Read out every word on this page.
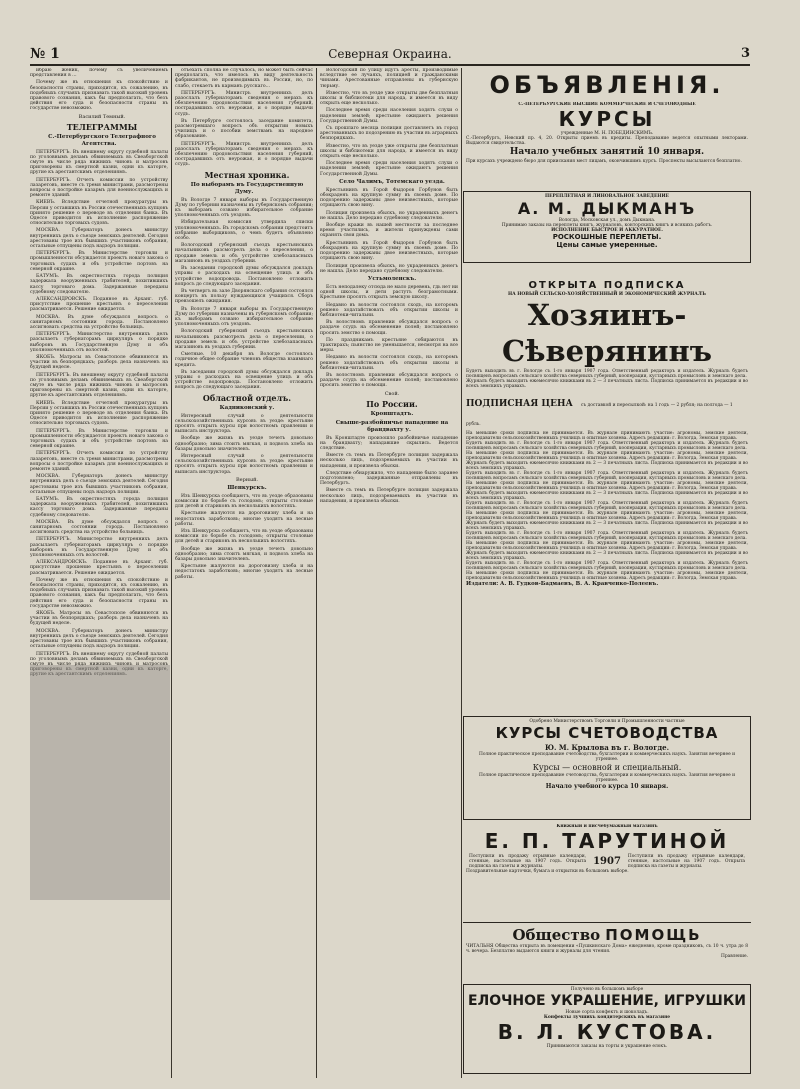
№ 1	Северная Окраина.	3

ибраю женик, почему съ увеличениемъ представления в ...

Почему же въ отношения къ спокойствию и безопасности страны, приходится, къ сожалению, въ подобныхъ случаяхъ признавать такой высокий уровень правового сознания, какъ бы предполагать, что безъ действия его суда и безопасности страны въ государстве невозможно.

Василий Темный.

ТЕЛЕГРАММЫ

С.-Петербургского Телеграфного Агентства.

ПЕТЕРБУРГЪ. Въ внешнему округу судебной палаты по уголовнымъ деламъ обвиняемыхъ въ Свеаборгской смуте въ числе ряда нижнихъ чиновъ и матросовъ приговорены къ смертной казни, одни къ каторге, другие къ арестантскимъ отделениямъ.

ПЕТЕРБУРГЪ. Отчетъ комиссии по устройству лазаретовъ, вместе съ тремя министрами, разсмотрены вопросы о постройке казармъ для военнослужащихъ и ремонте зданий.

КИЕВЪ. Вследствие отчетной прокуратуры въ Персии у оставшихъ въ России отечественныхъ купцовъ принято решение о переводе въ отделения банка. Въ Одессе приводится въ исполнение распоряжение относительно торговыхъ судовъ.

МОСКВА. Губернаторъ донесъ министру внутреннихъ делъ о съезде земскихъ деятелей. Сегодня арестованы трое изъ бывшихъ участниковъ собрания, остальные отпущены подъ надзоръ полиции.

ПЕТЕРБУРГЪ. Въ Министерстве торговли и промышленности обсуждается проектъ новаго закона о торговыхъ судахъ и объ устройстве портовъ на северной окраине.

БАТУМЪ. Въ окрестностяхъ города полиция задержала вооруженныхъ грабителей, похитившихъ кассу торговаго дома. Задержанные переданы судебному следователю.

АЛЕКСАНДРОВСКЪ. Поданное въ Арханг. губ. присутствие прошение крестьянъ о переселении разсматривается. Решение ожидается.

МОСКВА. Въ думе обсуждался вопросъ о санитарномъ состоянии города. Постановлено ассигновать средства на устройство больницъ.

ПЕТЕРБУРГЪ. Министерство внутреннихъ делъ разсылаетъ губернаторамъ циркуляръ о порядке выборовъ въ Государственную Думу и объ уполномоченныхъ отъ волостей.

ЯКОБЪ. Матросы въ Севастополе обвиняются въ участии въ безпорядкахъ; разборъ дела назначенъ на будущей неделе.

ПЕТЕРБУРГЪ. Въ внешнему округу судебной палаты по уголовнымъ деламъ обвиняемыхъ въ Свеаборгской смуте въ числе ряда нижнихъ чиновъ и матросовъ приговорены къ смертной казни, одни къ каторге, другие къ арестантскимъ отделениямъ.

КИЕВЪ. Вследствие отчетной прокуратуры въ Персии у оставшихъ въ России отечественныхъ купцовъ принято решение о переводе въ отделения банка. Въ Одессе приводится въ исполнение распоряжение относительно торговыхъ судовъ.

ПЕТЕРБУРГЪ. Въ Министерстве торговли и промышленности обсуждается проектъ новаго закона о торговыхъ судахъ и объ устройстве портовъ на северной окраине.

ПЕТЕРБУРГЪ. Отчетъ комиссии по устройству лазаретовъ, вместе съ тремя министрами, разсмотрены вопросы о постройке казармъ для военнослужащихъ и ремонте зданий.

МОСКВА. Губернаторъ донесъ министру внутреннихъ делъ о съезде земскихъ деятелей. Сегодня арестованы трое изъ бывшихъ участниковъ собрания, остальные отпущены подъ надзоръ полиции.

БАТУМЪ. Въ окрестностяхъ города полиция задержала вооруженныхъ грабителей, похитившихъ кассу торговаго дома. Задержанные переданы судебному следователю.

МОСКВА. Въ думе обсуждался вопросъ о санитарномъ состоянии города. Постановлено ассигновать средства на устройство больницъ.

ПЕТЕРБУРГЪ. Министерство внутреннихъ делъ разсылаетъ губернаторамъ циркуляръ о порядке выборовъ въ Государственную Думу и объ уполномоченныхъ отъ волостей.

АЛЕКСАНДРОВСКЪ. Поданное въ Арханг. губ. присутствие прошение крестьянъ о переселении разсматривается. Решение ожидается.

Почему же въ отношения къ спокойствию и безопасности страны, приходится, къ сожалению, въ подобныхъ случаяхъ признавать такой высокий уровень правового сознания, какъ бы предполагать, что безъ действия его суда и безопасности страны въ государстве невозможно.

ЯКОБЪ. Матросы въ Севастополе обвиняются въ участии въ безпорядкахъ; разборъ дела назначенъ на будущей неделе.

МОСКВА. Губернаторъ донесъ министру внутреннихъ делъ о съезде земскихъ деятелей. Сегодня арестованы трое изъ бывшихъ участниковъ собрания, остальные отпущены подъ надзоръ полиции.

ПЕТЕРБУРГЪ. Въ внешнему округу судебной палаты по уголовнымъ деламъ обвиняемыхъ въ Свеаборгской смуте въ числе ряда нижнихъ чиновъ и матросовъ приговорены къ смертной казни, одни къ каторге, другие къ арестантскимъ отделениямъ.

отъехать сполна не случалось, но может быть сейчас предполагать, что имелось въ виду деятельность фабрикантов, не производимыхъ въ России, но, по слабо, стекаетъ въ карманъ русскаго...

ПЕТЕРБУРГЪ. Министръ внутреннихъ делъ разослалъ губернаторамъ сведения о мерахъ къ обезпечению продовольствия населения губерний, пострадавшихъ отъ неурожая, и о порядке выдачи ссудъ.

Въ Петербурге состоялось заседание комитета, разсмотревшаго вопросъ объ открытии новыхъ училищъ и о пособии земствамъ на народное образование.

ПЕТЕРБУРГЪ. Министръ внутреннихъ делъ разослалъ губернаторамъ сведения о мерахъ къ обезпечению продовольствия населения губерний, пострадавшихъ отъ неурожая, и о порядке выдачи ссудъ.

Местная хроника.

По выборамъ въ Государственную Думу.

Въ Вологде 7 января выборы въ Государственную Думу по губернии назначены въ губернскомъ собрании; къ выборамъ созвано избирательное собрание уполномоченныхъ отъ уездовъ.

Избирательная комиссия утвердила списки уполномоченныхъ. Въ городскомъ собрании предстоитъ избрание выборщиковъ, о чемъ будетъ объявлено особо.

Вологодский губернский съездъ крестьянскихъ начальниковъ разсмотрелъ дела о переселении, о продаже земель и объ устройстве хлебозапасныхъ магазиновъ въ уездахъ губернии.

Въ заседании городской думы обсуждался докладъ управы о расходахъ на освещение улицъ и объ устройстве водопровода. Постановлено отложить вопросъ до следующаго заседания.

Въ четвергъ въ зале Дворянскаго собрания состоялся концертъ въ пользу нуждающихся учащихся. Сборъ превзошелъ ожидания.

Въ Вологде 7 января выборы въ Государственную Думу по губернии назначены въ губернскомъ собрании; къ выборамъ созвано избирательное собрание уполномоченныхъ отъ уездовъ.

Вологодский губернский съездъ крестьянскихъ начальниковъ разсмотрелъ дела о переселении, о продаже земель и объ устройстве хлебозапасныхъ магазиновъ въ уездахъ губернии.

Сметные. 10 декабря въ Вологде состоялось годичное общее собрание членовъ общества взаимнаго кредита.

Въ заседании городской думы обсуждался докладъ управы о расходахъ на освещение улицъ и объ устройстве водопровода. Постановлено отложить вопросъ до следующаго заседания.

Областной отделъ.

Кадниковский у.

Интересный случай о деятельности сельскохозяйственныхъ курсовъ въ уезде: крестьяне просятъ открыть курсы при волостномъ правлении и выписать инструктора.

Вообще же жизнь въ уезде течетъ довольно однообразно; зима стоитъ мягкая, и подвозъ хлеба на базары довольно значителенъ.

Интересный случай о деятельности сельскохозяйственныхъ курсовъ въ уезде: крестьяне просятъ открыть курсы при волостномъ правлении и выписать инструктора.

Верный.

Шенкурскъ.

Изъ Шенкурска сообщаютъ, что въ уезде образованы комиссии по борьбе съ голодомъ; открыты столовые для детей и стариковъ въ несколькихъ волостяхъ.

Крестьяне жалуются на дороговизну хлеба и на недостатокъ заработковъ; многие уходятъ на лесные работы.

Изъ Шенкурска сообщаютъ, что въ уезде образованы комиссии по борьбе съ голодомъ; открыты столовые для детей и стариковъ въ несколькихъ волостяхъ.

Вообще же жизнь въ уезде течетъ довольно однообразно; зима стоитъ мягкая, и подвозъ хлеба на базары довольно значителенъ.

Крестьяне жалуются на дороговизну хлеба и на недостатокъ заработковъ; многие уходятъ на лесные работы.

Вологодский по улицу идутъ аресты, производимые вследствие ее лучаяхъ, полицией и гражданскими чинами. Арестованные отправлены въ губернскую тюрьму.

Известно, что въ уезде уже открыты две безплатныя школы и библиотеки для народа, и имеется въ виду открыть еще несколько.

Последнее время среди населения ходятъ слухи о наделении землей; крестьяне ожидаютъ решения Государственной Думы.

Съ прошлаго месяца полиция доставляетъ въ город арестованныхъ по подозрению въ участии въ аграрныхъ безпорядкахъ.

Известно, что въ уезде уже открыты две безплатныя школы и библиотеки для народа, и имеется въ виду открыть еще несколько.

Последнее время среди населения ходятъ слухи о наделении землей; крестьяне ожидаютъ решения Государственной Думы.

Село Чалимъ, Тотемскаго уезда.

Крестьянинъ въ Горой Фыдоров Горбунов быть обокраденъ на крупную сумму въ своемъ доме. По подозрению задержаны двое неизвестныхъ, которые отрицаютъ свою вину.

Полиция произвела обыскъ, но украденныхъ денегъ не нашла. Дело передано судебному следователю.

Вообще кражи въ нашей местности за последнее время участились, и жители принуждены сами охранять свои дома.

Крестьянинъ въ Горой Фыдоров Горбунов быть обокраденъ на крупную сумму въ своемъ доме. По подозрению задержаны двое неизвестныхъ, которые отрицаютъ свою вину.

Полиция произвела обыскъ, но украденныхъ денегъ не нашла. Дело передано судебному следователю.

Устьмоленскъ.

Есть неподалеку отсюда не мало деревень, гдь нет ни одной школы, и дети растутъ безграмотными. Крестьяне просятъ открыть земскую школу.

Недавно въ волости состоялся сходъ, на которомъ решено ходатайствовать объ открытии школы и библиотеки-читальни.

Въ волостномъ правлении обсуждался вопросъ о раздаче ссудъ на обсеменение полей; постановлено просить земство о помощи.

По праздникамъ крестьяне собираются въ трактирахъ; пьянство не уменьшается, несмотря на все меры.

Недавно въ волости состоялся сходъ, на которомъ решено ходатайствовать объ открытии школы и библиотеки-читальни.

Въ волостномъ правлении обсуждался вопросъ о раздаче ссудъ на обсеменение полей; постановлено просить земство о помощи.

Свой.

По России.

Кронштадтъ.

Свыше-разбойничье нападение на брандвахту у.

Въ Кронштадте произошло разбойничье нападение на брандвахту; нападавшие скрылись. Ведется следствие.

Вместе съ темъ въ Петербурге полиция задержала несколько лицъ, подозреваемыхъ въ участии въ нападении, и произвела обыски.

Следствие обнаружило, что нападение было заранее подготовлено; задержанные отправлены въ Петербургъ.

Вместе съ темъ въ Петербурге полиция задержала несколько лицъ, подозреваемыхъ въ участии въ нападении, и произвела обыски.

ОБЪЯВЛЕНІЯ.
С.-ПЕТЕРБУРГСКИЕ ВЫСШИЕ КОММЕРЧЕСКИЕ И СЧЕТОВОДНЫЕ
КУРСЫ
учрежденные М. Н. ПОБЕДИНСКИМЪ.
С.-Петербургъ, Невский пр. 4, 20. Открыты приемъ въ кредиты. Преподавание ведется опытными лекторами. Выдаются свидетельства.
Начало учебных занятий 10 января.
При курсахъ учреждено бюро для приискания мест лицамъ, окончившимъ курсъ. Проспекты высылаются безплатно.
ПЕРЕПЛЕТНАЯ И ЛИНОВАЛЬНОЕ ЗАВЕДЕНИЕ
А. М. ДЫКМАНЪ
Вологда, Московская ул., домъ Дыкмана.
Принимаю заказы на переплеты книгъ, журналовъ, конторскихъ книгъ и всякихъ работъ.
ИСПОЛНЕНИЕ БЫСТРОЕ И АККУРАТНОЕ.
РОСКОШНЫЕ ПЕРЕПЛЕТЫ.
Цены самые умеренные.
ОТКРЫТА ПОДПИСКА
НА НОВЫЙ СЕЛЬСКО-ХОЗЯЙСТВЕННЫЙ И ЭКОНОМИЧЕСКИЙ ЖУРНАЛЪ
Хозяинъ-Сѣверянинъ
Будетъ выходить въ г. Вологде съ 1-го января 1907 года. Ответственный редакторъ и издатель. Журналъ будетъ посвященъ вопросамъ сельскаго хозяйства северныхъ губерний, кооперации, кустарныхъ промысловъ и земскаго дела.
Журналъ будетъ выходить ежемесячно книжками въ 2 — 3 печатныхъ листа. Подписка принимается въ редакции и во всехъ земскихъ управахъ.
ПОДПИСНАЯ ЦЕНА съ доставкой и пересылкой: на 1 годъ — 2 рубля; на полгода — 1 рубль.
На меньшие сроки подписка не принимается. Въ журнале принимаютъ участие: агрономы, земские деятели, преподаватели сельскохозяйственныхъ училищъ и опытные хозяева. Адресъ редакции: г. Вологда, Земская управа.
Будетъ выходить въ г. Вологде съ 1-го января 1907 года. Ответственный редакторъ и издатель. Журналъ будетъ посвященъ вопросамъ сельскаго хозяйства северныхъ губерний, кооперации, кустарныхъ промысловъ и земскаго дела.
На меньшие сроки подписка не принимается. Въ журнале принимаютъ участие: агрономы, земские деятели, преподаватели сельскохозяйственныхъ училищъ и опытные хозяева. Адресъ редакции: г. Вологда, Земская управа.
Журналъ будетъ выходить ежемесячно книжками въ 2 — 3 печатныхъ листа. Подписка принимается въ редакции и во всехъ земскихъ управахъ.
Будетъ выходить въ г. Вологде съ 1-го января 1907 года. Ответственный редакторъ и издатель. Журналъ будетъ посвященъ вопросамъ сельскаго хозяйства северныхъ губерний, кооперации, кустарныхъ промысловъ и земскаго дела.
На меньшие сроки подписка не принимается. Въ журнале принимаютъ участие: агрономы, земские деятели, преподаватели сельскохозяйственныхъ училищъ и опытные хозяева. Адресъ редакции: г. Вологда, Земская управа.
Журналъ будетъ выходить ежемесячно книжками въ 2 — 3 печатныхъ листа. Подписка принимается въ редакции и во всехъ земскихъ управахъ.
Будетъ выходить въ г. Вологде съ 1-го января 1907 года. Ответственный редакторъ и издатель. Журналъ будетъ посвященъ вопросамъ сельскаго хозяйства северныхъ губерний, кооперации, кустарныхъ промысловъ и земскаго дела.
На меньшие сроки подписка не принимается. Въ журнале принимаютъ участие: агрономы, земские деятели, преподаватели сельскохозяйственныхъ училищъ и опытные хозяева. Адресъ редакции: г. Вологда, Земская управа.
Журналъ будетъ выходить ежемесячно книжками въ 2 — 3 печатныхъ листа. Подписка принимается въ редакции и во всехъ земскихъ управахъ.
Будетъ выходить въ г. Вологде съ 1-го января 1907 года. Ответственный редакторъ и издатель. Журналъ будетъ посвященъ вопросамъ сельскаго хозяйства северныхъ губерний, кооперации, кустарныхъ промысловъ и земскаго дела.
На меньшие сроки подписка не принимается. Въ журнале принимаютъ участие: агрономы, земские деятели, преподаватели сельскохозяйственныхъ училищъ и опытные хозяева. Адресъ редакции: г. Вологда, Земская управа.
Журналъ будетъ выходить ежемесячно книжками въ 2 — 3 печатныхъ листа. Подписка принимается въ редакции и во всехъ земскихъ управахъ.
Будетъ выходить въ г. Вологде съ 1-го января 1907 года. Ответственный редакторъ и издатель. Журналъ будетъ посвященъ вопросамъ сельскаго хозяйства северныхъ губерний, кооперации, кустарныхъ промысловъ и земскаго дела.
На меньшие сроки подписка не принимается. Въ журнале принимаютъ участие: агрономы, земские деятели, преподаватели сельскохозяйственныхъ училищъ и опытные хозяева. Адресъ редакции: г. Вологда, Земская управа.
Издатели: А. В. Гудков-Бадмаевъ, В. А. Кравченко-Полеевъ.
Одобрено Министерствомъ Торговли и Промышленности частные
КУРСЫ СЧЕТОВОДСТВА
Ю. М. Крылова въ г. Вологде.
Полное практическое преподавание счетоводства, бухгалтерии и коммерческихъ наукъ. Занятия вечернее и утреннее.
Курсы — основной и специальный.
Полное практическое преподавание счетоводства, бухгалтерии и коммерческихъ наукъ. Занятия вечернее и утреннее.
Начало учебного курса 10 января.
Книжный и писчебумажный магазинъ
Е. П. ТАРУТИНОЙ
Поступили въ продажу отрывные календари, стенные, настольные на 1907 годъ. Открыта подписка на газеты и журналы.	1907	Поступили въ продажу отрывные календари, стенные, настольные на 1907 годъ. Открыта подписка на газеты и журналы.
Поздравительные карточки, бумага и открытки въ большомъ выборе.
Общество ПОМОЩЬ
ЧИТАЛЬНЯ Общества открыта въ помещении «Пушкинскаго Дома» ежедневно, кроме праздниковъ, съ 10 ч. утра до 8 ч. вечера. Безплатно выдаются книги и журналы для чтения.
Правление.
Получено въ большомъ выборе
ЕЛОЧНОЕ УКРАШЕНИЕ, ИГРУШКИ
Новые сорта конфектъ и шоколадъ.
Конфекты лучшихъ кондитерскихъ въ магазине
В. Л. КУСТОВА.
Принимаются заказы на торты и украшение елокъ.
